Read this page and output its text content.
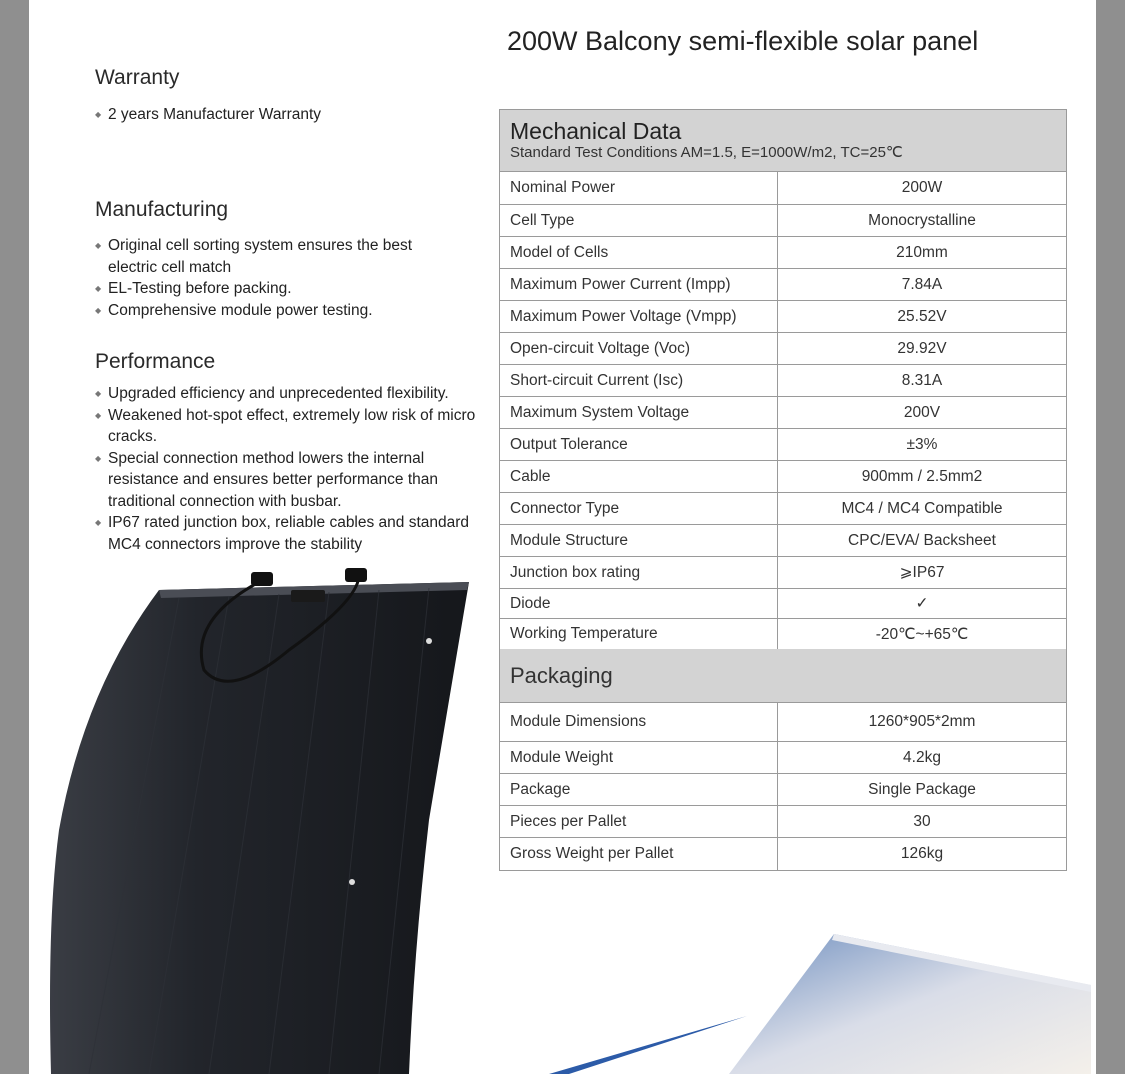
200W Balcony semi-flexible solar panel
Warranty
◆ 2 years Manufacturer Warranty
Manufacturing
◆ Original cell sorting system ensures the best electric cell match
◆ EL-Testing before packing.
◆ Comprehensive module power testing.
Performance
◆ Upgraded efficiency and unprecedented flexibility.
◆ Weakened hot-spot effect, extremely low risk of micro cracks.
◆ Special connection method lowers the internal resistance and ensures better performance than traditional connection with busbar.
◆ IP67 rated junction box, reliable cables and standard MC4 connectors improve the stability
Mechanical Data
Standard Test Conditions AM=1.5, E=1000W/m2, TC=25℃
Nominal Power	200W
Cell Type	Monocrystalline
Model of Cells	210mm
Maximum Power Current (Impp)	7.84A
Maximum Power Voltage (Vmpp)	25.52V
Open-circuit Voltage (Voc)	29.92V
Short-circuit Current (Isc)	8.31A
Maximum System Voltage	200V
Output Tolerance	±3%
Cable	900mm / 2.5mm2
Connector Type	MC4 / MC4 Compatible
Module Structure	CPC/EVA/ Backsheet
Junction box rating	⩾IP67
Diode	✓
Working Temperature	-20℃~+65℃
Packaging
Module Dimensions	1260*905*2mm
Module Weight	4.2kg
Package	Single Package
Pieces per Pallet	30
Gross Weight per Pallet	126kg
